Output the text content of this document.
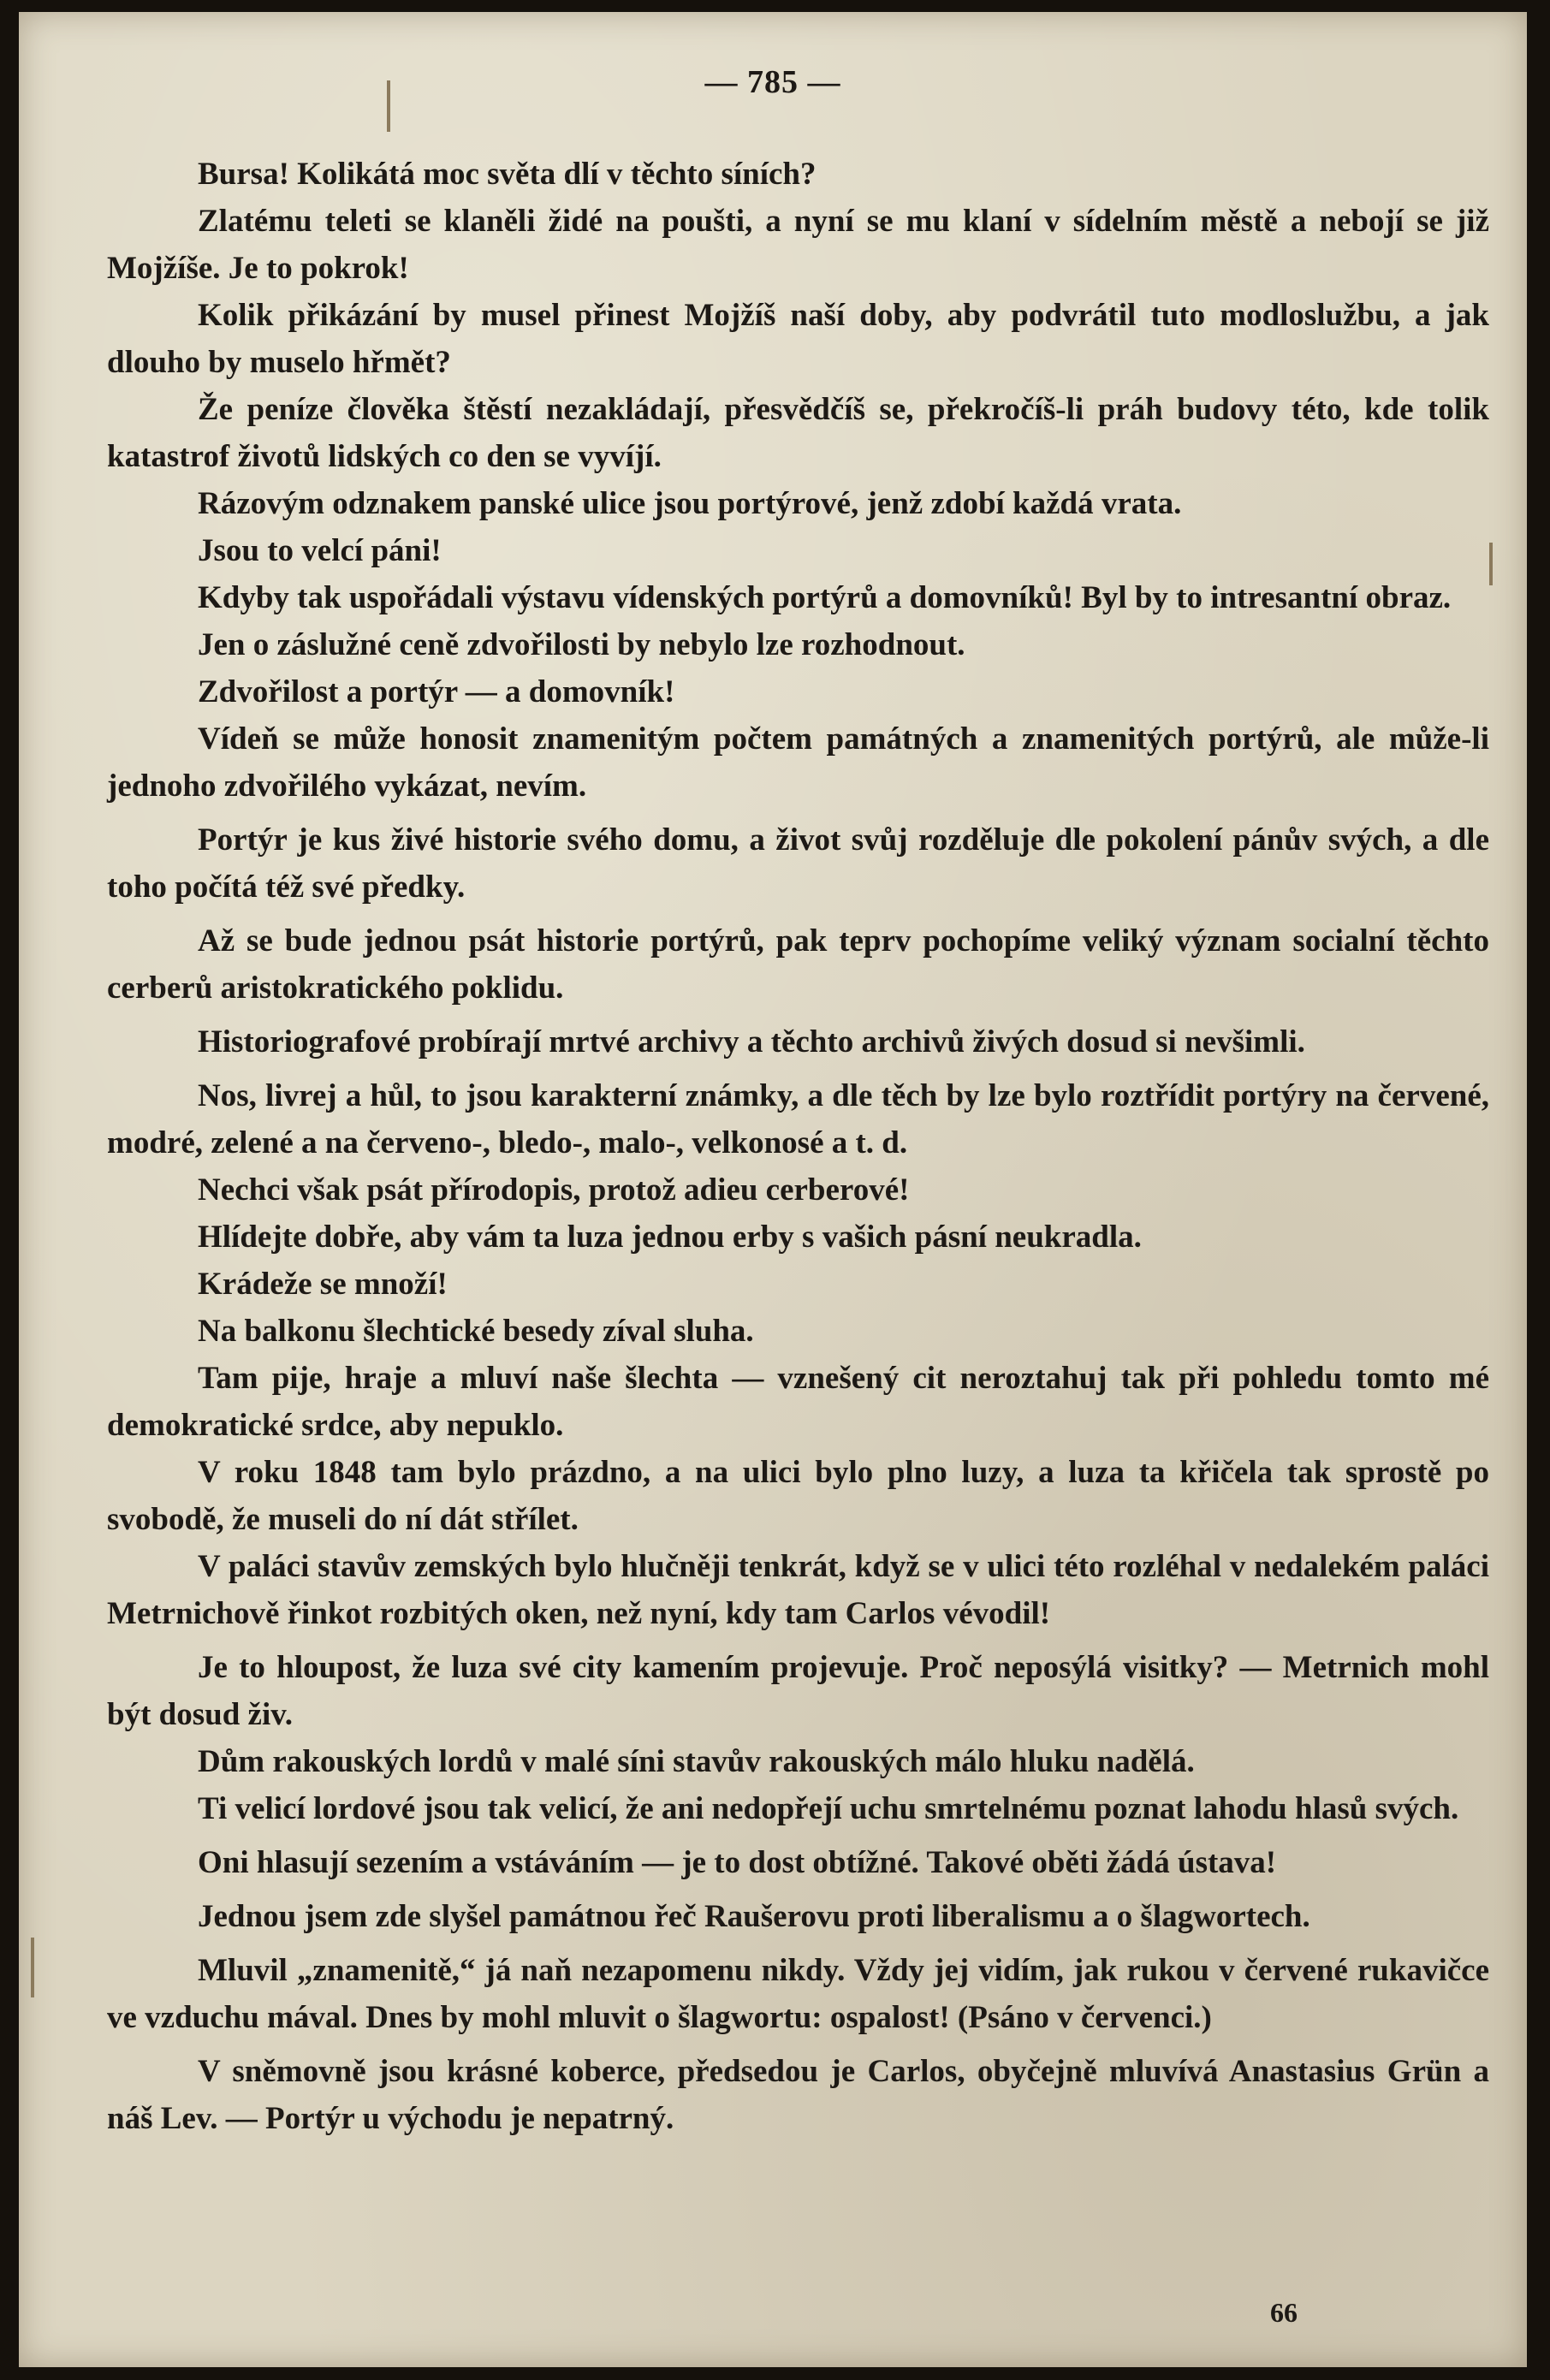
— 785 —

Bursa! Kolikátá moc světa dlí v těchto síních?

Zlatému teleti se klaněli židé na poušti, a nyní se mu klaní v sídelním městě a nebojí se již Mojžíše. Je to pokrok!

Kolik přikázání by musel přinest Mojžíš naší doby, aby podvrátil tuto modloslužbu, a jak dlouho by muselo hřmět?

Že peníze člověka štěstí nezakládají, přesvědčíš se, překročíš-li práh budovy této, kde tolik katastrof životů lidských co den se vyvíjí.

Rázovým odznakem panské ulice jsou portýrové, jenž zdobí každá vrata.

Jsou to velcí páni!

Kdyby tak uspořádali výstavu vídenských portýrů a domovníků! Byl by to intresantní obraz.

Jen o záslužné ceně zdvořilosti by nebylo lze rozhodnout.

Zdvořilost a portýr — a domovník!

Vídeň se může honosit znamenitým počtem památných a znamenitých portýrů, ale může-li jednoho zdvořilého vykázat, nevím.

Portýr je kus živé historie svého domu, a život svůj rozděluje dle pokolení pánův svých, a dle toho počítá též své předky.

Až se bude jednou psát historie portýrů, pak teprv pochopíme veliký význam socialní těchto cerberů aristokratického poklidu.

Historiografové probírají mrtvé archivy a těchto archivů živých dosud si nevšimli.

Nos, livrej a hůl, to jsou karakterní známky, a dle těch by lze bylo roztřídit portýry na červené, modré, zelené a na červeno-, bledo-, malo-, velkonosé a t. d.

Nechci však psát přírodopis, protož adieu cerberové!

Hlídejte dobře, aby vám ta luza jednou erby s vašich pásní neukradla.

Krádeže se množí!

Na balkonu šlechtické besedy zíval sluha.

Tam pije, hraje a mluví naše šlechta — vznešený cit neroztahuj tak při pohledu tomto mé demokratické srdce, aby nepuklo.

V roku 1848 tam bylo prázdno, a na ulici bylo plno luzy, a luza ta křičela tak sprostě po svobodě, že museli do ní dát střílet.

V paláci stavův zemských bylo hlučněji tenkrát, když se v ulici této rozléhal v nedalekém paláci Metrnichově řinkot rozbitých oken, než nyní, kdy tam Carlos vévodil!

Je to hloupost, že luza své city kamením projevuje. Proč neposýlá visitky? — Metrnich mohl být dosud živ.

Dům rakouských lordů v malé síni stavův rakouských málo hluku nadělá.

Ti velicí lordové jsou tak velicí, že ani nedopřejí uchu smrtelnému poznat lahodu hlasů svých.

Oni hlasují sezením a vstáváním — je to dost obtížné. Takové oběti žádá ústava!

Jednou jsem zde slyšel památnou řeč Raušerovu proti liberalismu a o šlagwortech.

Mluvil „znamenitě,“ já naň nezapomenu nikdy. Vždy jej vidím, jak rukou v červené rukavičce ve vzduchu mával. Dnes by mohl mluvit o šlagwortu: ospalost! (Psáno v červenci.)

V sněmovně jsou krásné koberce, předsedou je Carlos, obyčejně mluvívá Anastasius Grün a náš Lev. — Portýr u východu je nepatrný.

66
